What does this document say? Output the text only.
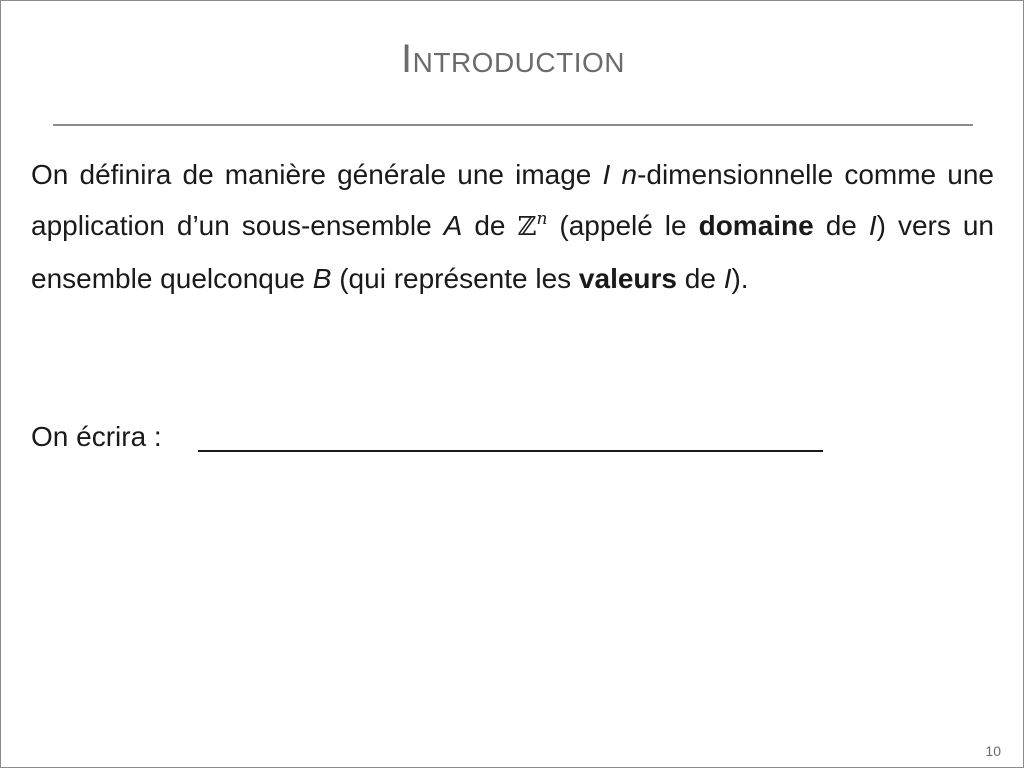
Introduction
On définira de manière générale une image I n-dimensionnelle comme une application d’un sous-ensemble A de ℤ$^n$ (appelé le domaine de I) vers un ensemble quelconque B (qui représente les valeurs de I).
On écrira :
10
